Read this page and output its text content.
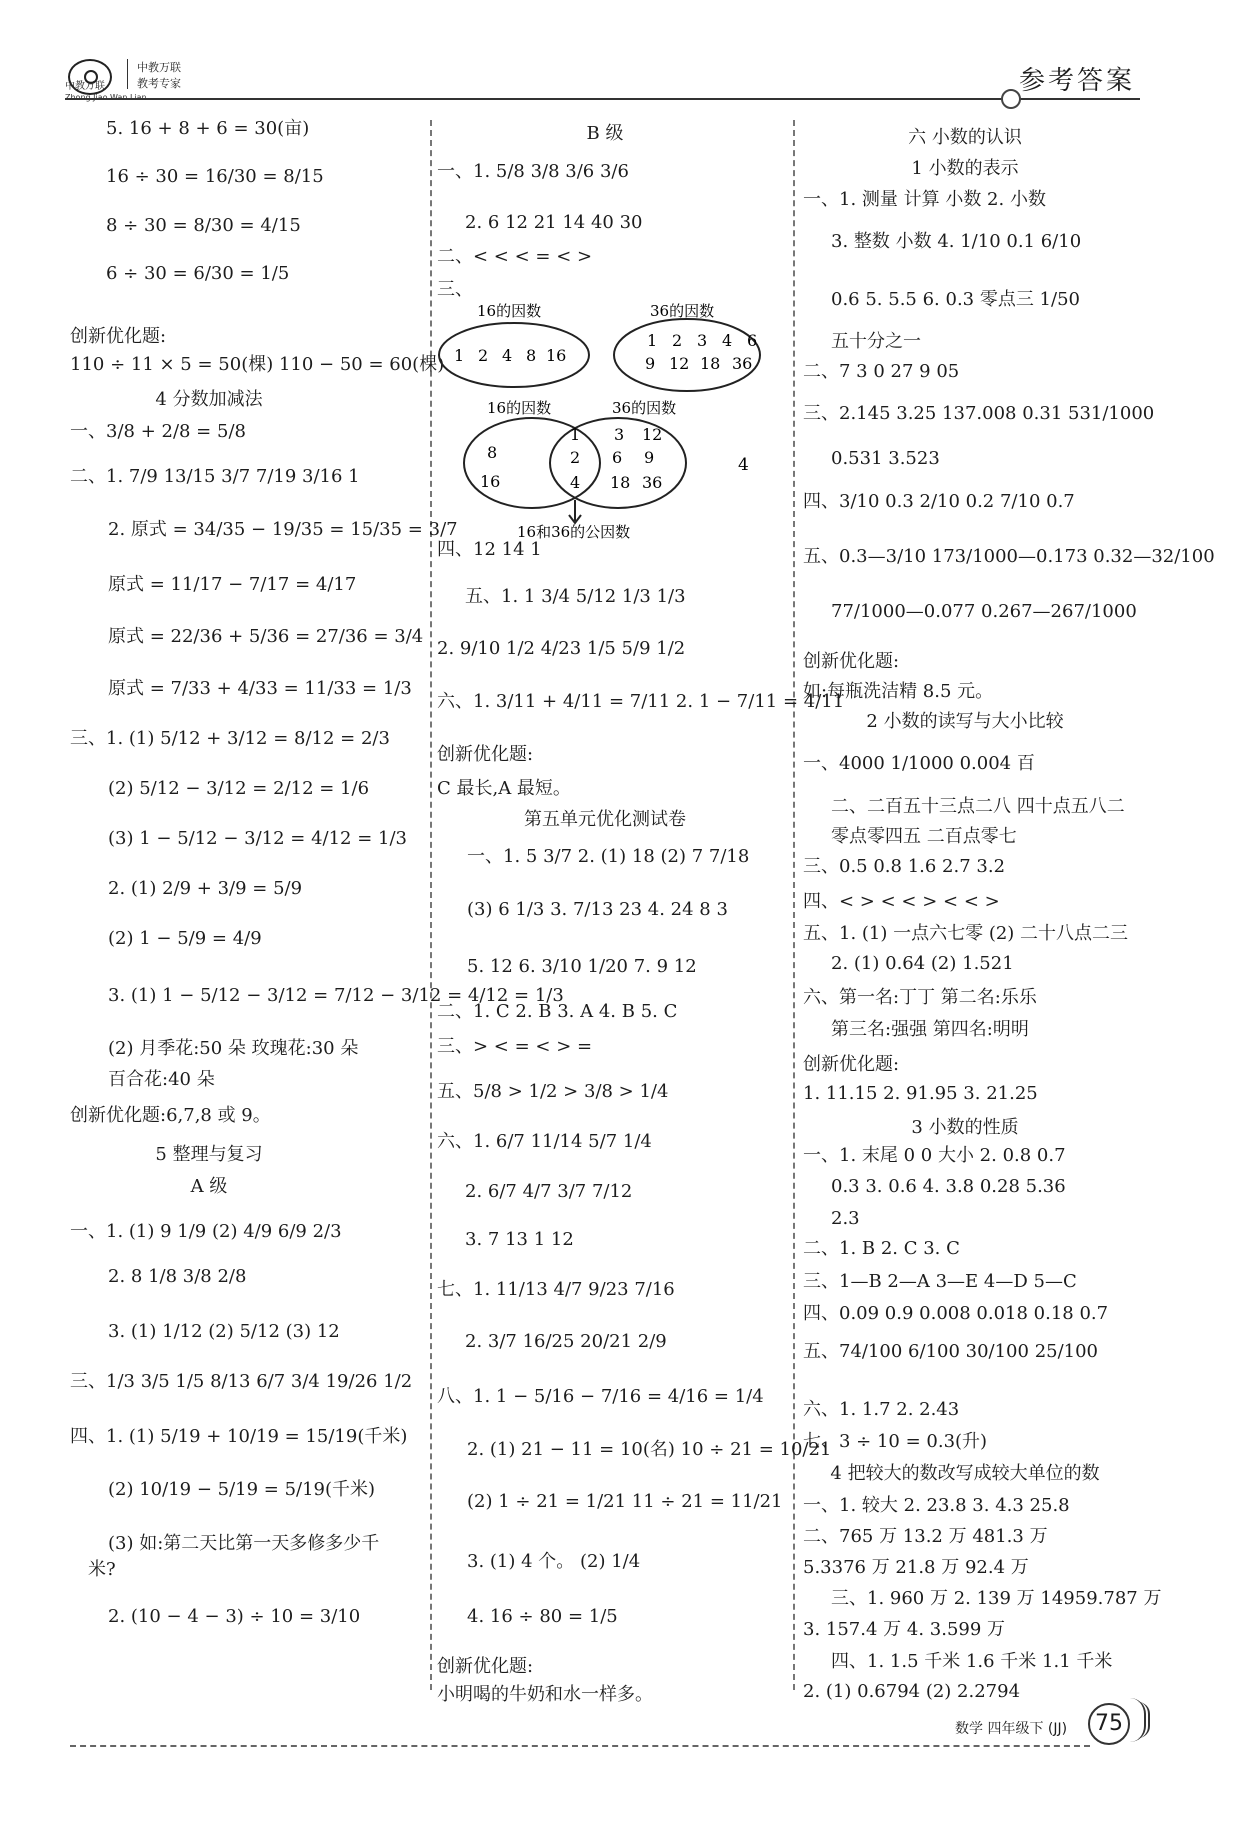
中教万联
中教万联
教考专家	参考答案
5. 16 + 8 + 6 = 30(亩)
16 ÷ 30 = 16/30 = 8/15
8 ÷ 30 = 8/30 = 4/15
6 ÷ 30 = 6/30 = 1/5
创新优化题:
110 ÷ 11 × 5 = 50(棵) 110 − 50 = 60(棵)
4 分数加减法
一、3/8 + 2/8 = 5/8
二、1. 7/9 13/15 3/7 7/19 3/16 1
2. 原式 = 34/35 − 19/35 = 15/35 = 3/7
原式 = 11/17 − 7/17 = 4/17
原式 = 22/36 + 5/36 = 27/36 = 3/4
原式 = 7/33 + 4/33 = 11/33 = 1/3
三、1. (1) 5/12 + 3/12 = 8/12 = 2/3
(2) 5/12 − 3/12 = 2/12 = 1/6
(3) 1 − 5/12 − 3/12 = 4/12 = 1/3
2. (1) 2/9 + 3/9 = 5/9
(2) 1 − 5/9 = 4/9
3. (1) 1 − 5/12 − 3/12 = 7/12 − 3/12 = 4/12 = 1/3
(2) 月季花:50 朵 玫瑰花:30 朵
百合花:40 朵
创新优化题:6,7,8 或 9。
5 整理与复习
A 级
一、1. (1) 9 1/9 (2) 4/9 6/9 2/3
2. 8 1/8 3/8 2/8
3. (1) 1/12 (2) 5/12 (3) 12
三、1/3 3/5 1/5 8/13 6/7 3/4 19/26 1/2
四、1. (1) 5/19 + 10/19 = 15/19(千米)
(2) 10/19 − 5/19 = 5/19(千米)
(3) 如:第二天比第一天多修多少千
米?
2. (10 − 4 − 3) ÷ 10 = 3/10
B 级
一、1. 5/8 3/8 3/6 3/6
2. 6 12 21 14 40 30
二、< < < = < >
三、
四、12 14 1
五、1. 1 3/4 5/12 1/3 1/3
2. 9/10 1/2 4/23 1/5 5/9 1/2
六、1. 3/11 + 4/11 = 7/11 2. 1 − 7/11 = 4/11
创新优化题:
C 最长,A 最短。
第五单元优化测试卷
一、1. 5 3/7 2. (1) 18 (2) 7 7/18
(3) 6 1/3 3. 7/13 23 4. 24 8 3
5. 12 6. 3/10 1/20 7. 9 12
二、1. C 2. B 3. A 4. B 5. C
三、> < = < > =
五、5/8 > 1/2 > 3/8 > 1/4
六、1. 6/7 11/14 5/7 1/4
2. 6/7 4/7 3/7 7/12
3. 7 13 1 12
七、1. 11/13 4/7 9/23 7/16
2. 3/7 16/25 20/21 2/9
八、1. 1 − 5/16 − 7/16 = 4/16 = 1/4
2. (1) 21 − 11 = 10(名) 10 ÷ 21 = 10/21
(2) 1 ÷ 21 = 1/21 11 ÷ 21 = 11/21
3. (1) 4 个。 (2) 1/4
4. 16 ÷ 80 = 1/5
创新优化题:
小明喝的牛奶和水一样多。
16的因数	36的因数
1 2 4 8 16
1 2 3 4 6
9 12 18 36
16的因数	36的因数
8
16
1
2
4
3 12
6 9
18 36
16和36的公因数
4
六 小数的认识
1 小数的表示
一、1. 测量 计算 小数 2. 小数
3. 整数 小数 4. 1/10 0.1 6/10
0.6 5. 5.5 6. 0.3 零点三 1/50
五十分之一
二、7 3 0 27 9 05
三、2.145 3.25 137.008 0.31 531/1000
0.531 3.523
四、3/10 0.3 2/10 0.2 7/10 0.7
五、0.3—3/10 173/1000—0.173 0.32—32/100
77/1000—0.077 0.267—267/1000
创新优化题:
如:每瓶洗洁精 8.5 元。
2 小数的读写与大小比较
一、4000 1/1000 0.004 百
二、二百五十三点二八 四十点五八二
零点零四五 二百点零七
三、0.5 0.8 1.6 2.7 3.2
四、< > < < > < < >
五、1. (1) 一点六七零 (2) 二十八点二三
2. (1) 0.64 (2) 1.521
六、第一名:丁丁 第二名:乐乐
第三名:强强 第四名:明明
创新优化题:
1. 11.15 2. 91.95 3. 21.25
3 小数的性质
一、1. 末尾 0 0 大小 2. 0.8 0.7
0.3 3. 0.6 4. 3.8 0.28 5.36
2.3
二、1. B 2. C 3. C
三、1—B 2—A 3—E 4—D 5—C
四、0.09 0.9 0.008 0.018 0.18 0.7
五、74/100 6/100 30/100 25/100
六、1. 1.7 2. 2.43
七、3 ÷ 10 = 0.3(升)
4 把较大的数改写成较大单位的数
一、1. 较大 2. 23.8 3. 4.3 25.8
二、765 万 13.2 万 481.3 万
5.3376 万 21.8 万 92.4 万
三、1. 960 万 2. 139 万 14959.787 万
3. 157.4 万 4. 3.599 万
四、1. 1.5 千米 1.6 千米 1.1 千米
2. (1) 0.6794 (2) 2.2794
数学 四年级下 (JJ)	75
